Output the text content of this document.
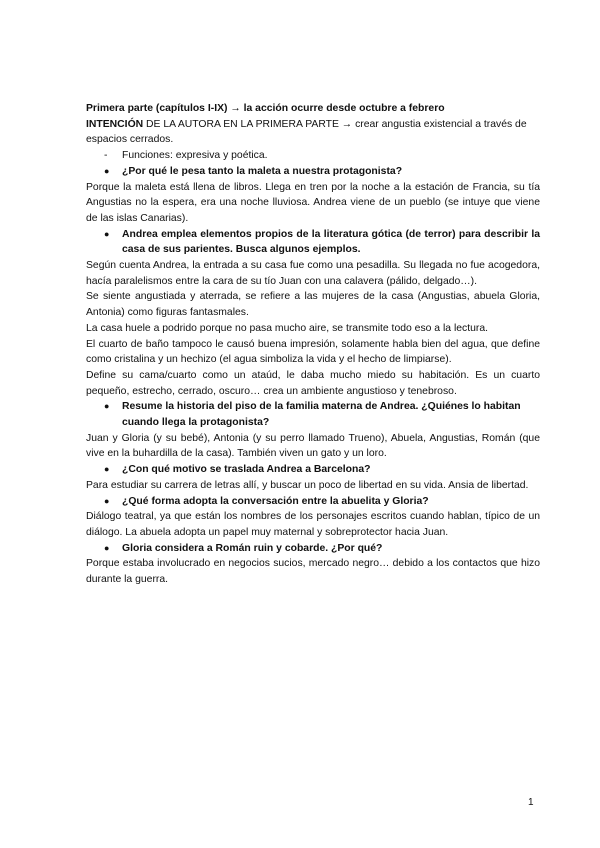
Primera parte (capítulos I-IX) → la acción ocurre desde octubre a febrero

INTENCIÓN DE LA AUTORA EN LA PRIMERA PARTE → crear angustia existencial a través de espacios cerrados.

- Funciones: expresiva y poética.

● ¿Por qué le pesa tanto la maleta a nuestra protagonista?

Porque la maleta está llena de libros. Llega en tren por la noche a la estación de Francia, su tía Angustias no la espera, era una noche lluviosa. Andrea viene de un pueblo (se intuye que viene de las islas Canarias).

● Andrea emplea elementos propios de la literatura gótica (de terror) para describir la casa de sus parientes. Busca algunos ejemplos.

Según cuenta Andrea, la entrada a su casa fue como una pesadilla. Su llegada no fue acogedora, hacía paralelismos entre la cara de su tío Juan con una calavera (pálido, delgado…).

Se siente angustiada y aterrada, se refiere a las mujeres de la casa (Angustias, abuela Gloria, Antonia) como figuras fantasmales.

La casa huele a podrido porque no pasa mucho aire, se transmite todo eso a la lectura.

El cuarto de baño tampoco le causó buena impresión, solamente habla bien del agua, que define como cristalina y un hechizo (el agua simboliza la vida y el hecho de limpiarse).

Define su cama/cuarto como un ataúd, le daba mucho miedo su habitación. Es un cuarto pequeño, estrecho, cerrado, oscuro… crea un ambiente angustioso y tenebroso.

● Resume la historia del piso de la familia materna de Andrea. ¿Quiénes lo habitan cuando llega la protagonista?

Juan y Gloria (y su bebé), Antonia (y su perro llamado Trueno), Abuela, Angustias, Román (que vive en la buhardilla de la casa). También viven un gato y un loro.

● ¿Con qué motivo se traslada Andrea a Barcelona?

Para estudiar su carrera de letras allí, y buscar un poco de libertad en su vida. Ansia de libertad.

● ¿Qué forma adopta la conversación entre la abuelita y Gloria?

Diálogo teatral, ya que están los nombres de los personajes escritos cuando hablan, típico de un diálogo. La abuela adopta un papel muy maternal y sobreprotector hacia Juan.

● Gloria considera a Román ruin y cobarde. ¿Por qué?

Porque estaba involucrado en negocios sucios, mercado negro… debido a los contactos que hizo durante la guerra.

1
